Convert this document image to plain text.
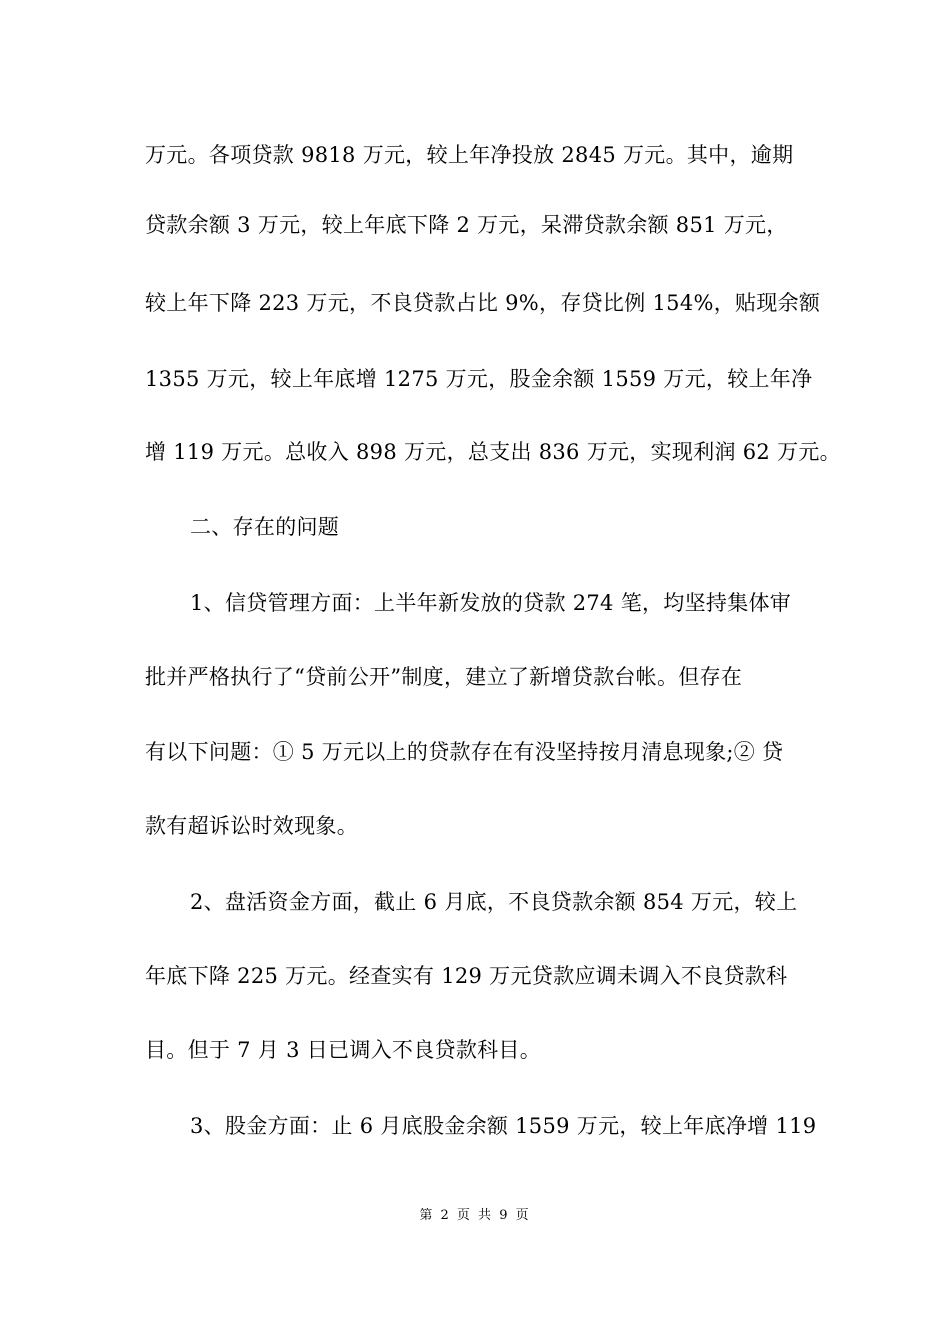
万元。各项贷款 9818 万元，较上年净投放 2845 万元。其中，逾期
贷款余额 3 万元，较上年底下降 2 万元，呆滞贷款余额 851 万元，
较上年下降 223 万元，不良贷款占比 9%，存贷比例 154%，贴现余额
1355 万元，较上年底增 1275 万元，股金余额 1559 万元，较上年净
增 119 万元。总收入 898 万元，总支出 836 万元，实现利润 62 万元。
二、存在的问题
1、信贷管理方面：上半年新发放的贷款 274 笔，均坚持集体审
批并严格执行了“贷前公开”制度，建立了新增贷款台帐。但存在
有以下问题：① 5 万元以上的贷款存在有没坚持按月清息现象;② 贷
款有超诉讼时效现象。
2、盘活资金方面，截止 6 月底，不良贷款余额 854 万元，较上
年底下降 225 万元。经查实有 129 万元贷款应调未调入不良贷款科
目。但于 7 月 3 日已调入不良贷款科目。
3、股金方面：止 6 月底股金余额 1559 万元，较上年底净增 119
第 2 页 共 9 页
